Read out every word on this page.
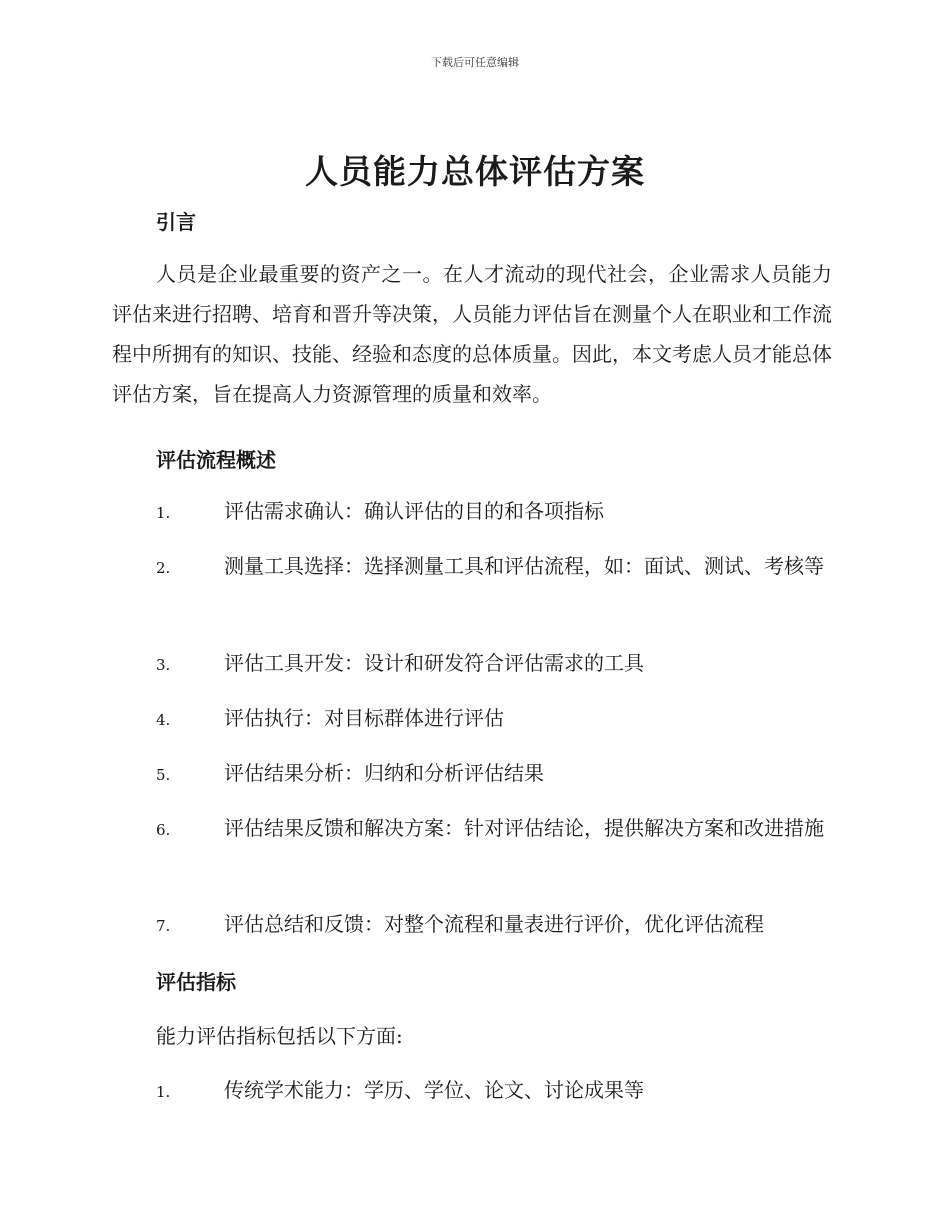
下载后可任意编辑
人员能力总体评估方案
引言

人员是企业最重要的资产之一。在人才流动的现代社会，企业需求人员能力评估来进行招聘、培育和晋升等决策，人员能力评估旨在测量个人在职业和工作流程中所拥有的知识、技能、经验和态度的总体质量。因此，本文考虑人员才能总体评估方案，旨在提高人力资源管理的质量和效率。

评估流程概述

1.	评估需求确认：确认评估的目的和各项指标

2.	测量工具选择：选择测量工具和评估流程，如：面试、测试、考核等

3.	评估工具开发：设计和研发符合评估需求的工具

4.	评估执行：对目标群体进行评估

5.	评估结果分析：归纳和分析评估结果

6.	评估结果反馈和解决方案：针对评估结论，提供解决方案和改进措施

7.	评估总结和反馈：对整个流程和量表进行评价，优化评估流程

评估指标

能力评估指标包括以下方面:

1.	传统学术能力：学历、学位、论文、讨论成果等
